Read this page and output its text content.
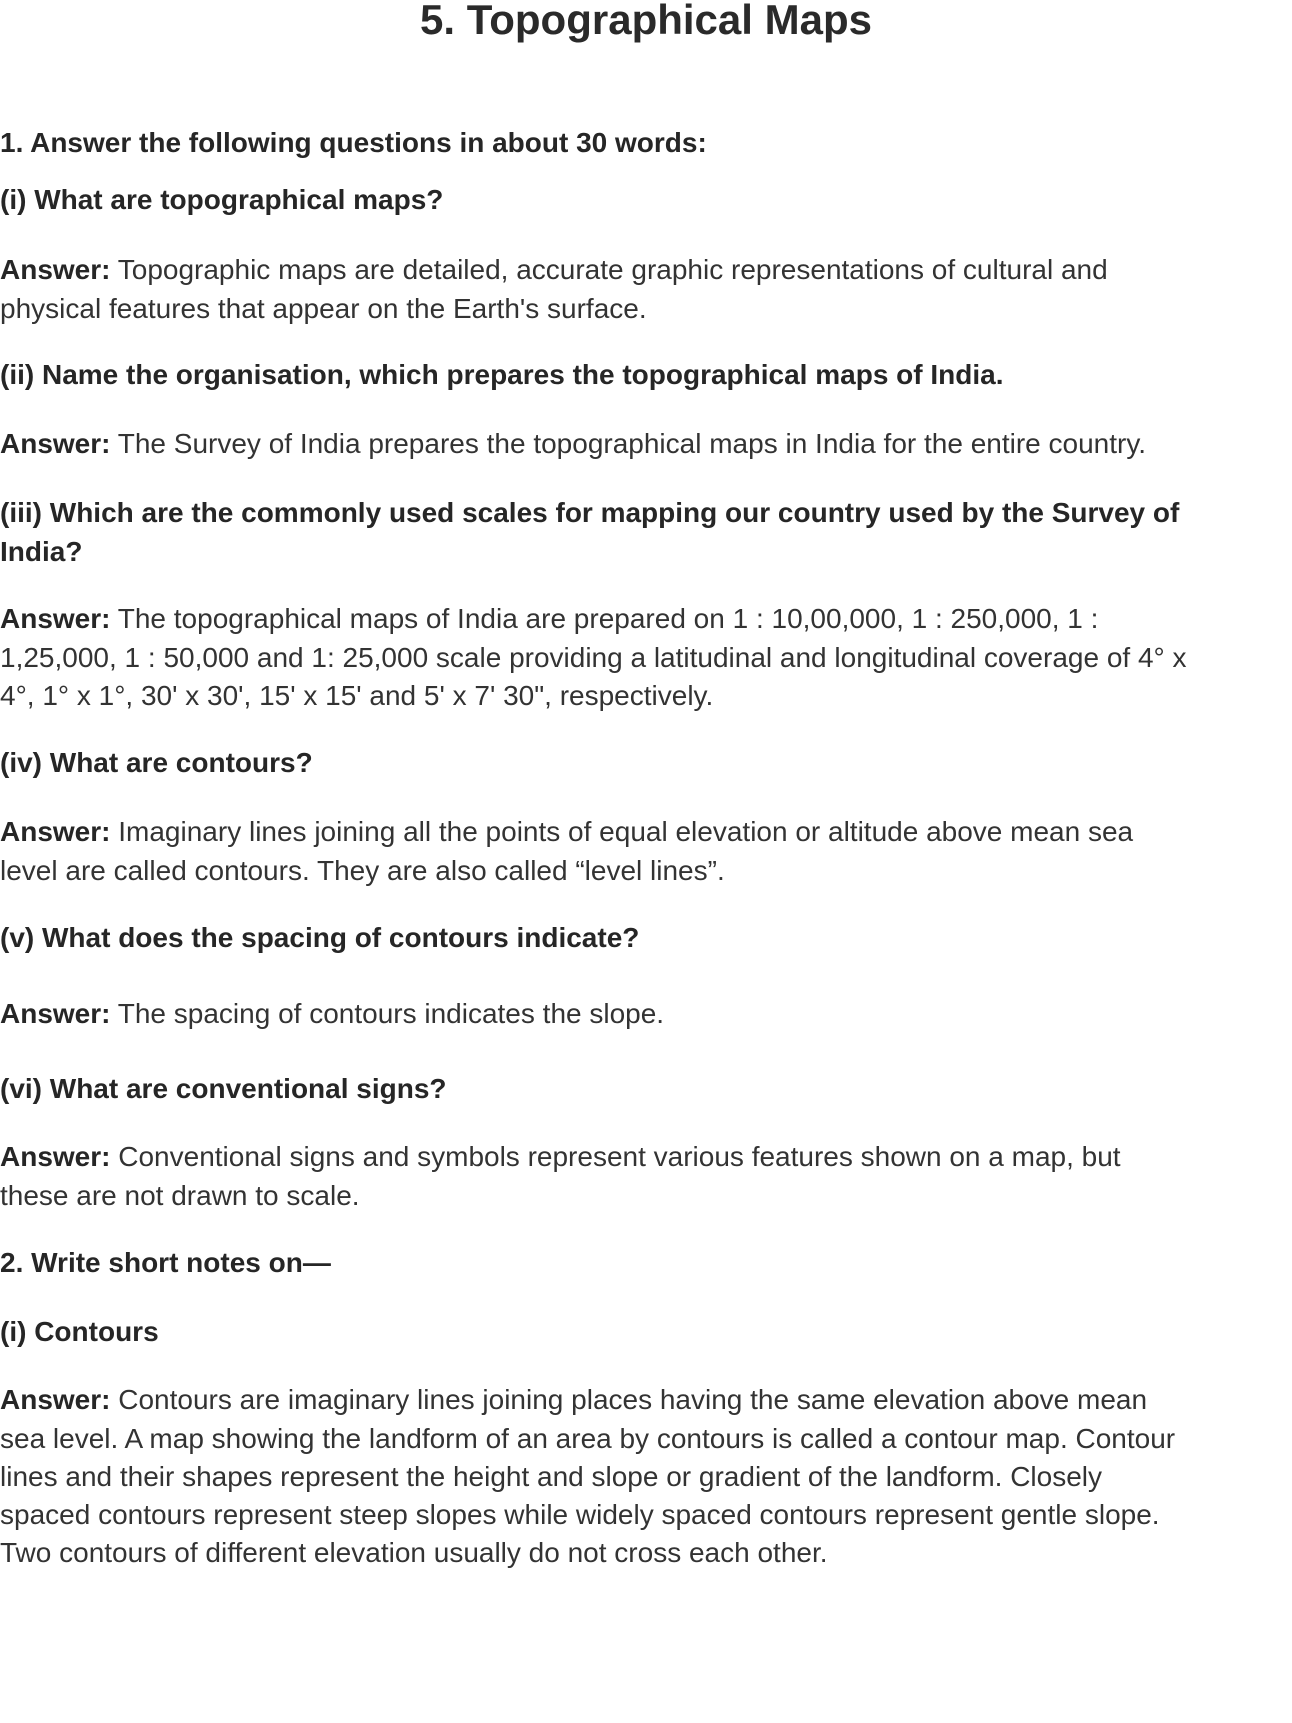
5. Topographical Maps

1. Answer the following questions in about 30 words:

(i) What are topographical maps?

Answer: Topographic maps are detailed, accurate graphic representations of cultural and

physical features that appear on the Earth's surface.

(ii) Name the organisation, which prepares the topographical maps of India.

Answer: The Survey of India prepares the topographical maps in India for the entire country.

(iii) Which are the commonly used scales for mapping our country used by the Survey of

India?

Answer: The topographical maps of India are prepared on 1 : 10,00,000, 1 : 250,000, 1 :

1,25,000, 1 : 50,000 and 1: 25,000 scale providing a latitudinal and longitudinal coverage of 4° x

4°, 1° x 1°, 30' x 30', 15' x 15' and 5' x 7' 30", respectively.

(iv) What are contours?

Answer: Imaginary lines joining all the points of equal elevation or altitude above mean sea

level are called contours. They are also called “level lines”.

(v) What does the spacing of contours indicate?

Answer: The spacing of contours indicates the slope.

(vi) What are conventional signs?

Answer: Conventional signs and symbols represent various features shown on a map, but

these are not drawn to scale.

2. Write short notes on—

(i) Contours

Answer: Contours are imaginary lines joining places having the same elevation above mean

sea level. A map showing the landform of an area by contours is called a contour map. Contour

lines and their shapes represent the height and slope or gradient of the landform. Closely

spaced contours represent steep slopes while widely spaced contours represent gentle slope.

Two contours of different elevation usually do not cross each other.
